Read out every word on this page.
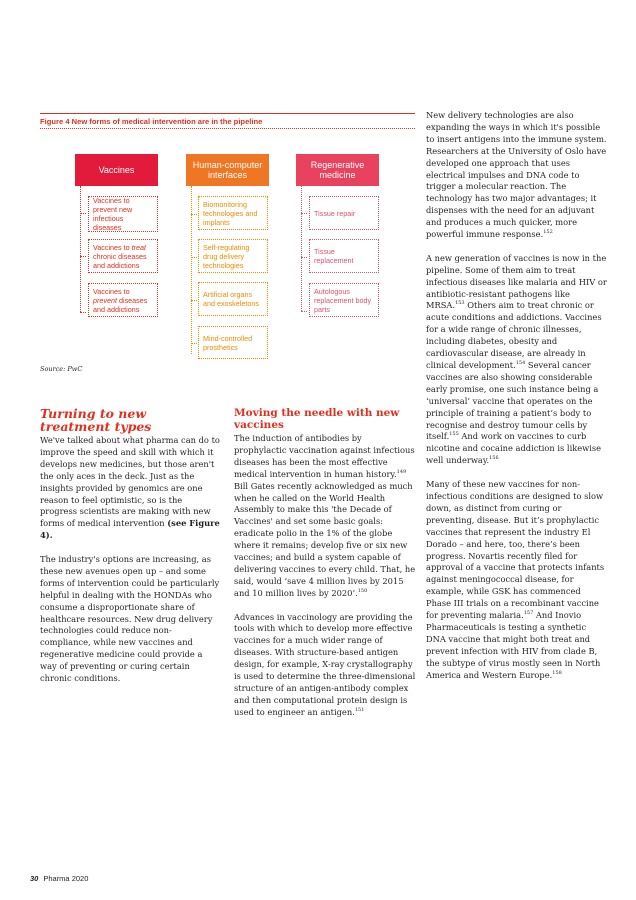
Figure 4 New forms of medical intervention are in the pipeline
Vaccines	Human-computer interfaces
Regenerative medicine
Vaccines to prevent new infectious diseases
Vaccines to treat chronic diseases and addictions
Vaccines to prevent diseases and addictions
Biomonitoring technologies and implants
Self-regulating drug delivery technologies
Artificial organs and exoskeletons
Mind-controlled prosthetics
Tissue repair
Tissue replacement
Autologous replacement body parts
Source: PwC
Turning to new treatment types

We've talked about what pharma can do to improve the speed and skill with which it develops new medicines, but those aren't the only aces in the deck. Just as the insights provided by genomics are one reason to feel optimistic, so is the progress scientists are making with new forms of medical intervention (see Figure 4).

The industry's options are increasing, as these new avenues open up – and some forms of intervention could be particularly helpful in dealing with the HONDAs who consume a disproportionate share of healthcare resources. New drug delivery technologies could reduce non-compliance, while new vaccines and regenerative medicine could provide a way of preventing or curing certain chronic conditions.

Moving the needle with new vaccines

The induction of antibodies by prophylactic vaccination against infectious diseases has been the most effective medical intervention in human history.$^{149}$ Bill Gates recently acknowledged as much when he called on the World Health Assembly to make this 'the Decade of Vaccines' and set some basic goals: eradicate polio in the 1% of the globe where it remains; develop five or six new vaccines; and build a system capable of delivering vaccines to every child. That, he said, would ‘save 4 million lives by 2015 and 10 million lives by 2020’.$^{150}$

Advances in vaccinology are providing the tools with which to develop more effective vaccines for a much wider range of diseases. With structure-based antigen design, for example, X-ray crystallography is used to determine the three-dimensional structure of an antigen-antibody complex and then computational protein design is used to engineer an antigen.$^{151}$

New delivery technologies are also expanding the ways in which it's possible to insert antigens into the immune system. Researchers at the University of Oslo have developed one approach that uses electrical impulses and DNA code to trigger a molecular reaction. The technology has two major advantages; it dispenses with the need for an adjuvant and produces a much quicker, more powerful immune response.$^{152}$

A new generation of vaccines is now in the pipeline. Some of them aim to treat infectious diseases like malaria and HIV or antibiotic-resistant pathogens like MRSA.$^{153}$ Others aim to treat chronic or acute conditions and addictions. Vaccines for a wide range of chronic illnesses, including diabetes, obesity and cardiovascular disease, are already in clinical development.$^{154}$ Several cancer vaccines are also showing considerable early promise, one such instance being a ‘universal’ vaccine that operates on the principle of training a patient’s body to recognise and destroy tumour cells by itself.$^{155}$ And work on vaccines to curb nicotine and cocaine addiction is likewise well underway.$^{156}$

Many of these new vaccines for non-infectious conditions are designed to slow down, as distinct from curing or preventing, disease. But it’s prophylactic vaccines that represent the industry El Dorado – and here, too, there’s been progress. Novartis recently filed for approval of a vaccine that protects infants against meningococcal disease, for example, while GSK has commenced Phase III trials on a recombinant vaccine for preventing malaria.$^{157}$ And Inovio Pharmaceuticals is testing a synthetic DNA vaccine that might both treat and prevent infection with HIV from clade B, the subtype of virus mostly seen in North America and Western Europe.$^{158}$

30 Pharma 2020
